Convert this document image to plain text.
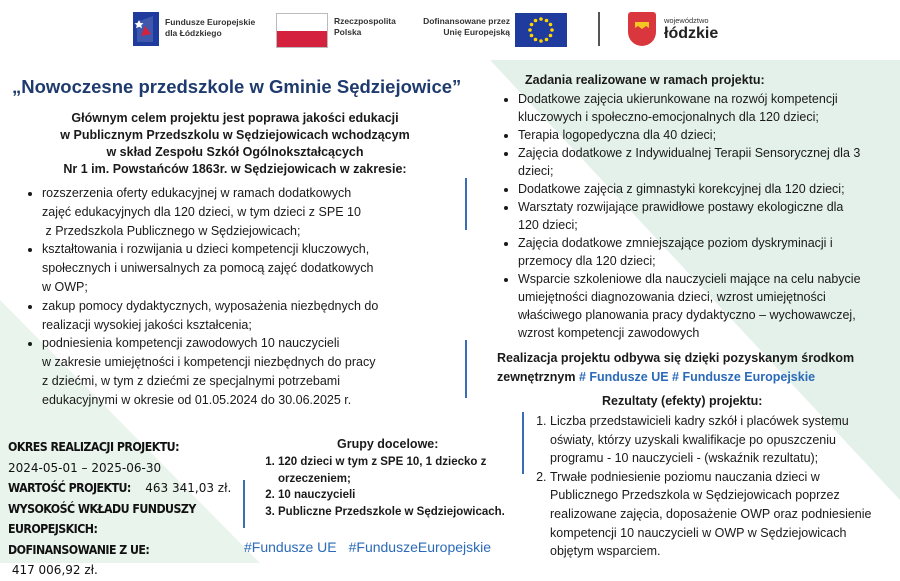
Fundusze Europejskie
dla Łódzkiego
Rzeczpospolita
Polska
Dofinansowane przez
Unię Europejską
województwo
łódzkie
„Nowoczesne przedszkole w Gminie Sędziejowice”
Głównym celem projektu jest poprawa jakości edukacji
w Publicznym Przedszkolu w Sędziejowicach wchodzącym
w skład Zespołu Szkół Ogólnokształcących
Nr 1 im. Powstańców 1863r. w Sędziejowicach w zakresie:
• rozszerzenia oferty edukacyjnej w ramach dodatkowych
zajęć edukacyjnych dla 120 dzieci, w tym dzieci z SPE 10
z Przedszkola Publicznego w Sędziejowicach;
• kształtowania i rozwijania u dzieci kompetencji kluczowych,
społecznych i uniwersalnych za pomocą zajęć dodatkowych
w OWP;
• zakup pomocy dydaktycznych, wyposażenia niezbędnych do
realizacji wysokiej jakości kształcenia;
• podniesienia kompetencji zawodowych 10 nauczycieli
w zakresie umiejętności i kompetencji niezbędnych do pracy
z dziećmi, w tym z dziećmi ze specjalnymi potrzebami
edukacyjnymi w okresie od 01.05.2024 do 30.06.2025 r.
Zadania realizowane w ramach projektu:
• Dodatkowe zajęcia ukierunkowane na rozwój kompetencji
kluczowych i społeczno-emocjonalnych dla 120 dzieci;
• Terapia logopedyczna dla 40 dzieci;
• Zajęcia dodatkowe z Indywidualnej Terapii Sensorycznej dla 3
dzieci;
• Dodatkowe zajęcia z gimnastyki korekcyjnej dla 120 dzieci;
• Warsztaty rozwijające prawidłowe postawy ekologiczne dla
120 dzieci;
• Zajęcia dodatkowe zmniejszające poziom dyskryminacji i
przemocy dla 120 dzieci;
• Wsparcie szkoleniowe dla nauczycieli mające na celu nabycie
umiejętności diagnozowania dzieci, wzrost umiejętności
właściwego planowania pracy dydaktyczno – wychowawczej,
wzrost kompetencji zawodowych
Realizacja projektu odbywa się dzięki pozyskanym środkom
zewnętrznym # Fundusze UE # Fundusze Europejskie
Rezultaty (efekty) projektu:
1. Liczba przedstawicieli kadry szkół i placówek systemu
oświaty, którzy uzyskali kwalifikacje po opuszczeniu
programu - 10 nauczycieli - (wskaźnik rezultatu);
2. Trwałe podniesienie poziomu nauczania dzieci w
Publicznego Przedszkola w Sędziejowicach poprzez
realizowane zajęcia, doposażenie OWP oraz podniesienie
kompetencji 10 nauczycieli w OWP w Sędziejowicach
objętym wsparciem.
OKRES REALIZACJI PROJEKTU:
2024-05-01 – 2025-06-30
WARTOŚĆ PROJEKTU: 463 341,03 zł.
WYSOKOŚĆ WKŁADU FUNDUSZY EUROPEJSKICH:
DOFINANSOWANIE Z UE: 417 006,92 zł.
Grupy docelowe:
1. 120 dzieci w tym z SPE 10, 1 dziecko z
orzeczeniem;
2. 10 nauczycieli
3. Publiczne Przedszkole w Sędziejowicach.
#Fundusze UE #FunduszeEuropejskie
